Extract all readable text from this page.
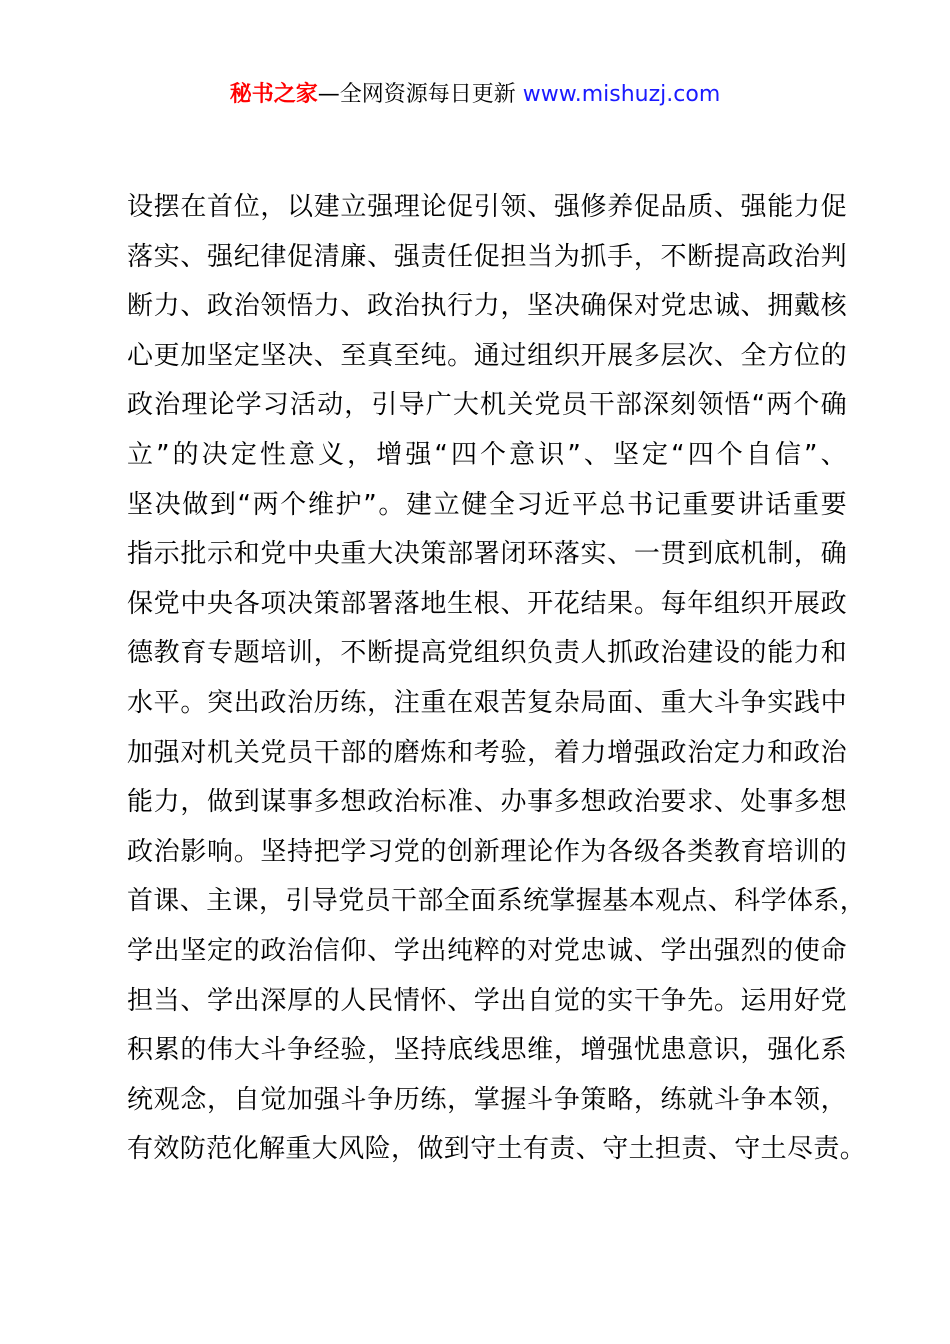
秘书之家—全网资源每日更新 www.mishuzj.com
设摆在首位，以建立强理论促引领、强修养促品质、强能力促
落实、强纪律促清廉、强责任促担当为抓手，不断提高政治判
断力、政治领悟力、政治执行力，坚决确保对党忠诚、拥戴核
心更加坚定坚决、至真至纯。通过组织开展多层次、全方位的
政治理论学习活动，引导广大机关党员干部深刻领悟“两个确
立”的决定性意义，增强“四个意识”、坚定“四个自信”、
坚决做到“两个维护”。建立健全习近平总书记重要讲话重要
指示批示和党中央重大决策部署闭环落实、一贯到底机制，确
保党中央各项决策部署落地生根、开花结果。每年组织开展政
德教育专题培训，不断提高党组织负责人抓政治建设的能力和
水平。突出政治历练，注重在艰苦复杂局面、重大斗争实践中
加强对机关党员干部的磨炼和考验，着力增强政治定力和政治
能力，做到谋事多想政治标准、办事多想政治要求、处事多想
政治影响。坚持把学习党的创新理论作为各级各类教育培训的
首课、主课，引导党员干部全面系统掌握基本观点、科学体系，
学出坚定的政治信仰、学出纯粹的对党忠诚、学出强烈的使命
担当、学出深厚的人民情怀、学出自觉的实干争先。运用好党
积累的伟大斗争经验，坚持底线思维，增强忧患意识，强化系
统观念，自觉加强斗争历练，掌握斗争策略，练就斗争本领，
有效防范化解重大风险，做到守土有责、守土担责、守土尽责。
